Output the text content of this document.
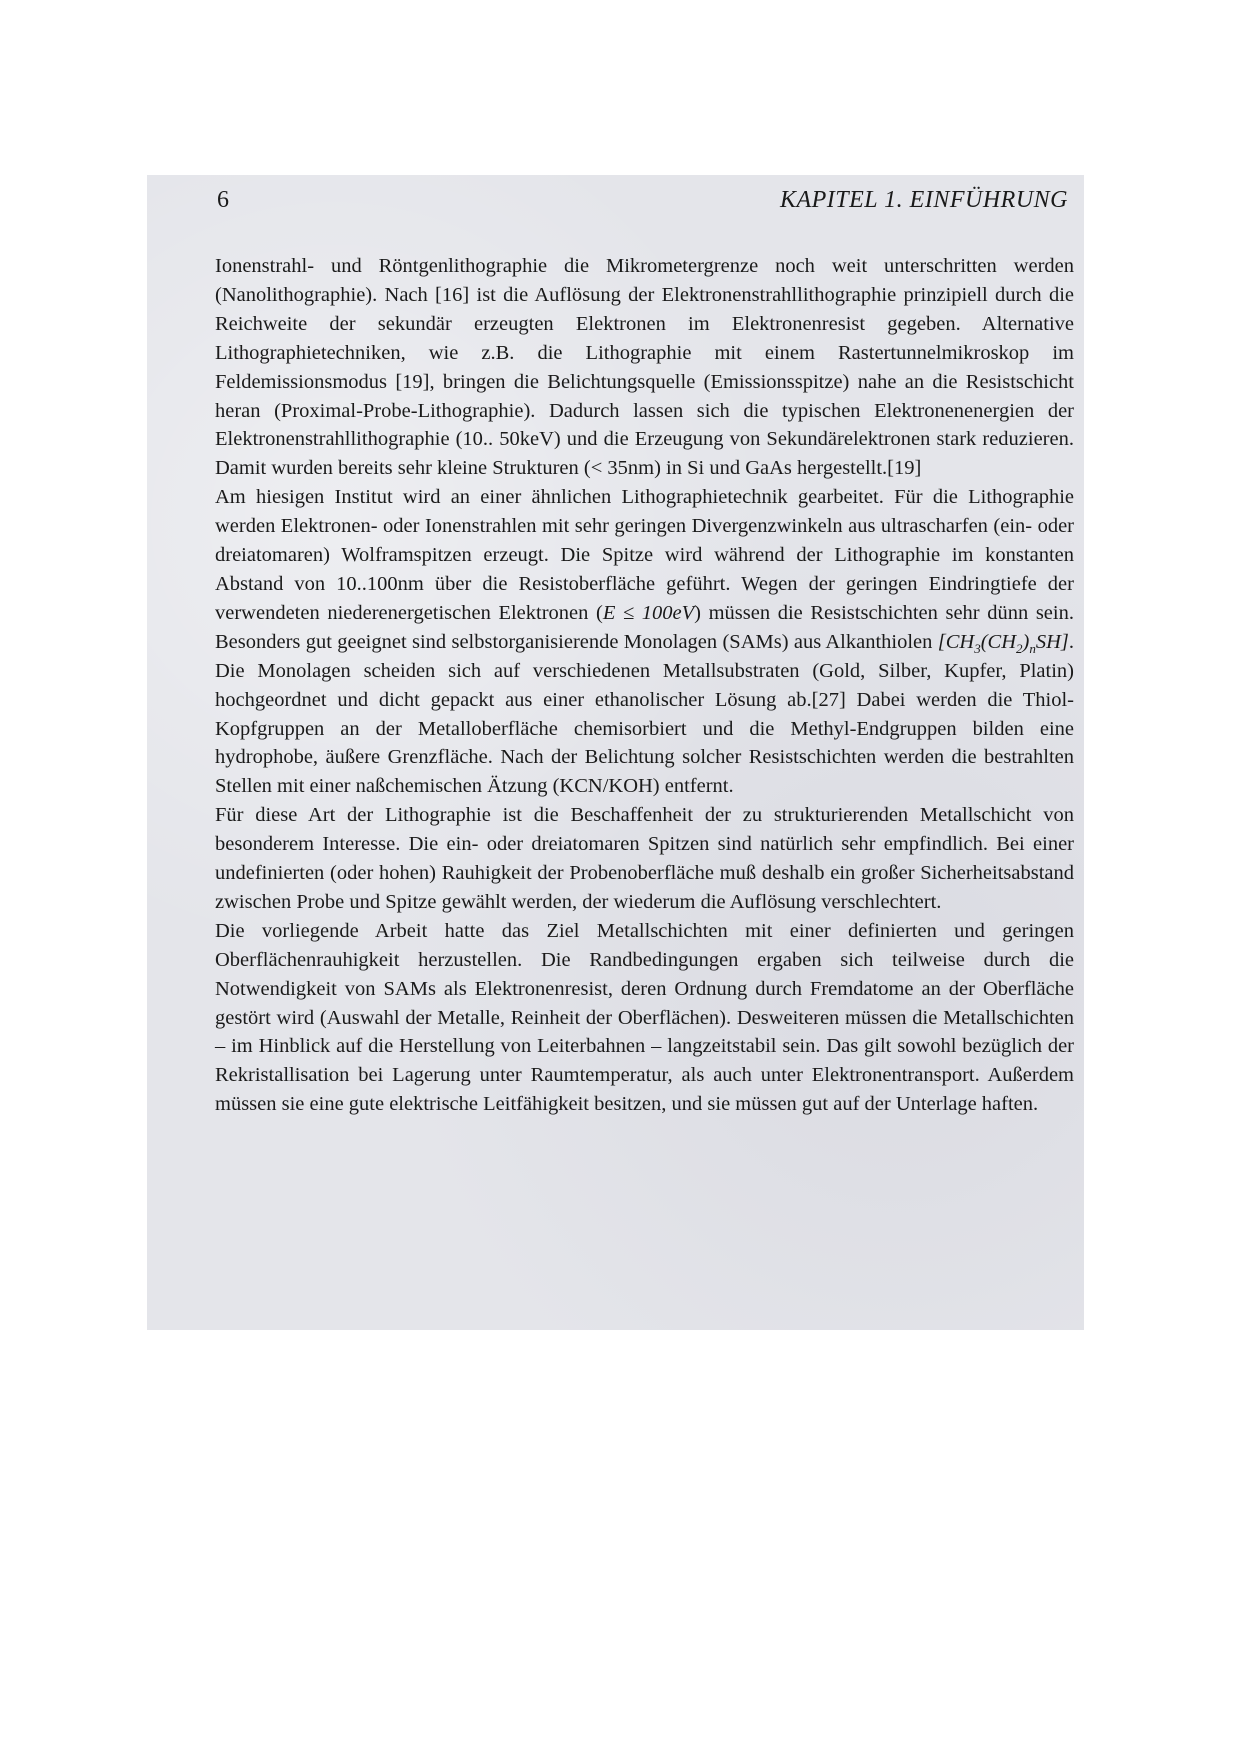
6	KAPITEL 1. EINFÜHRUNG

Ionenstrahl- und Röntgenlithographie die Mikrometergrenze noch weit unterschritten werden (Nanolithographie). Nach [16] ist die Auflösung der Elektronenstrahllithographie prinzipiell durch die Reichweite der sekundär erzeugten Elektronen im Elektronenresist gegeben. Alternative Lithographietechniken, wie z.B. die Lithographie mit einem Rastertunnelmikroskop im Feldemissionsmodus [19], bringen die Belichtungsquelle (Emissionsspitze) nahe an die Resistschicht heran (Proximal-Probe-Lithographie). Dadurch lassen sich die typischen Elektronenenergien der Elektronenstrahllithographie (10.. 50keV) und die Erzeugung von Sekundärelektronen stark reduzieren. Damit wurden bereits sehr kleine Strukturen (< 35nm) in Si und GaAs hergestellt.[19]

Am hiesigen Institut wird an einer ähnlichen Lithographietechnik gearbeitet. Für die Lithographie werden Elektronen- oder Ionenstrahlen mit sehr geringen Divergenzwinkeln aus ultrascharfen (ein- oder dreiatomaren) Wolframspitzen erzeugt. Die Spitze wird während der Lithographie im konstanten Abstand von 10..100nm über die Resistoberfläche geführt. Wegen der geringen Eindringtiefe der verwendeten niederenergetischen Elektronen (E ≤ 100eV) müssen die Resistschichten sehr dünn sein. Besonders gut geeignet sind selbstorganisierende Monolagen (SAMs) aus Alkanthiolen $[CH_3(CH_2)_nSH]$. Die Monolagen scheiden sich auf verschiedenen Metallsubstraten (Gold, Silber, Kupfer, Platin) hochgeordnet und dicht gepackt aus einer ethanolischer Lösung ab.[27] Dabei werden die Thiol-Kopfgruppen an der Metalloberfläche chemisorbiert und die Methyl-Endgruppen bilden eine hydrophobe, äußere Grenzfläche. Nach der Belichtung solcher Resistschichten werden die bestrahlten Stellen mit einer naßchemischen Ätzung (KCN/KOH) entfernt.

Für diese Art der Lithographie ist die Beschaffenheit der zu strukturierenden Metallschicht von besonderem Interesse. Die ein- oder dreiatomaren Spitzen sind natürlich sehr empfindlich. Bei einer undefinierten (oder hohen) Rauhigkeit der Probenoberfläche muß deshalb ein großer Sicherheitsabstand zwischen Probe und Spitze gewählt werden, der wiederum die Auflösung verschlechtert.

Die vorliegende Arbeit hatte das Ziel Metallschichten mit einer definierten und geringen Oberflächenrauhigkeit herzustellen. Die Randbedingungen ergaben sich teilweise durch die Notwendigkeit von SAMs als Elektronenresist, deren Ordnung durch Fremdatome an der Oberfläche gestört wird (Auswahl der Metalle, Reinheit der Oberflächen). Desweiteren müssen die Metallschichten – im Hinblick auf die Herstellung von Leiterbahnen – langzeitstabil sein. Das gilt sowohl bezüglich der Rekristallisation bei Lagerung unter Raumtemperatur, als auch unter Elektronentransport. Außerdem müssen sie eine gute elektrische Leitfähigkeit besitzen, und sie müssen gut auf der Unterlage haften.
